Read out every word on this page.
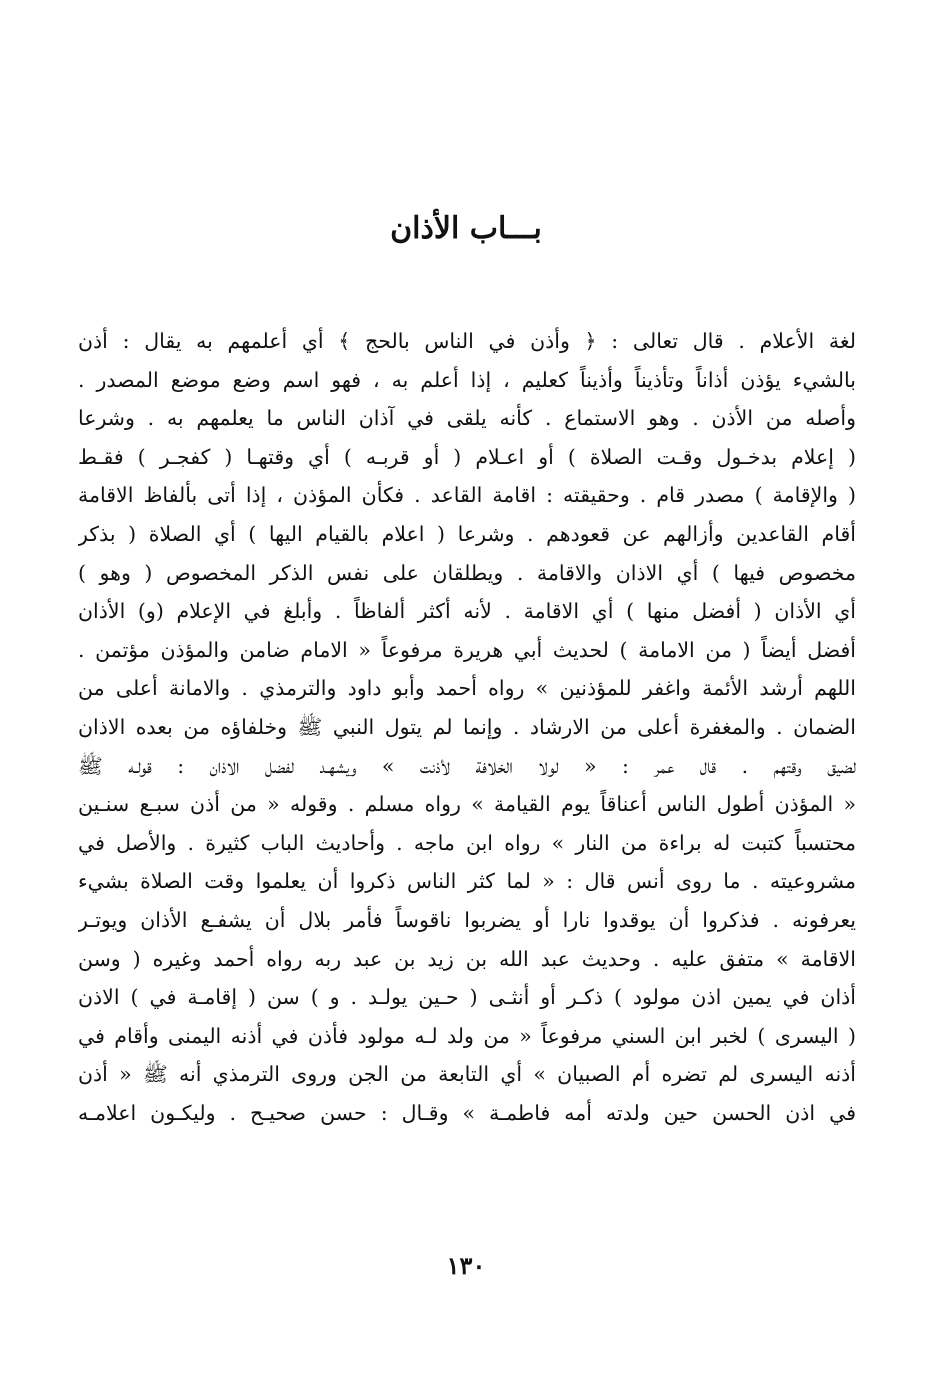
بـــاب الأذان
لغة الأعلام . قال تعالى : ﴿ وأذن في الناس بالحج ﴾ أي أعلمهم به يقال : أذن
بالشيء يؤذن أذاناً وتأذيناً وأذيناً كعليم ، إذا أعلم به ، فهو اسم وضع موضع المصدر .
وأصله من الأذن . وهو الاستماع . كأنه يلقى في آذان الناس ما يعلمهم به . وشرعا
( إعلام بدخـول وقـت الصلاة ) أو اعـلام ( أو قربـه ) أي وقتهـا ( كفجـر ) فقـط
( والإقامة ) مصدر قام . وحقيقته : اقامة القاعد . فكأن المؤذن ، إذا أتى بألفاظ الاقامة
أقام القاعدين وأزالهم عن قعودهم . وشرعا ( اعلام بالقيام اليها ) أي الصلاة ( بذكر
مخصوص فيها ) أي الاذان والاقامة . ويطلقان على نفس الذكر المخصوص ( وهو )
أي الأذان ( أفضل منها ) أي الاقامة . لأنه أكثر ألفاظاً . وأبلغ في الإعلام (و) الأذان
أفضل أيضاً ( من الامامة ) لحديث أبي هريرة مرفوعاً « الامام ضامن والمؤذن مؤتمن .
اللهم أرشد الأئمة واغفر للمؤذنين » رواه أحمد وأبو داود والترمذي . والامانة أعلى من
الضمان . والمغفرة أعلى من الارشاد . وإنما لم يتول النبي ﷺ وخلفاؤه من بعده الاذان
لضيق وقتهم . قال عمر : « لولا الخلافة لأذنت » ويشهـد لفضل الاذان : قولـه ﷺ
« المؤذن أطول الناس أعناقاً يوم القيامة » رواه مسلم . وقوله « من أذن سبـع سنـين
محتسباً كتبت له براءة من النار » رواه ابن ماجه . وأحاديث الباب كثيرة . والأصل في
مشروعيته . ما روى أنس قال : « لما كثر الناس ذكروا أن يعلموا وقت الصلاة بشيء
يعرفونه . فذكروا أن يوقدوا نارا أو يضربوا ناقوساً فأمر بلال أن يشفـع الأذان ويوتـر
الاقامة » متفق عليه . وحديث عبد الله بن زيد بن عبد ربه رواه أحمد وغيره ( وسن
أذان في يمين اذن مولود ) ذكـر أو أنثـى ( حـين يولـد . و ) سن ( إقامـة في ) الاذن
( اليسرى ) لخبر ابن السني مرفوعاً « من ولد لـه مولود فأذن في أذنه اليمنى وأقام في
أذنه اليسرى لم تضره أم الصبيان » أي التابعة من الجن وروى الترمذي أنه ﷺ « أذن
في اذن الحسن حين ولدته أمه فاطمـة » وقـال : حسن صحيـح . وليكـون اعلامـه
١٣٠
